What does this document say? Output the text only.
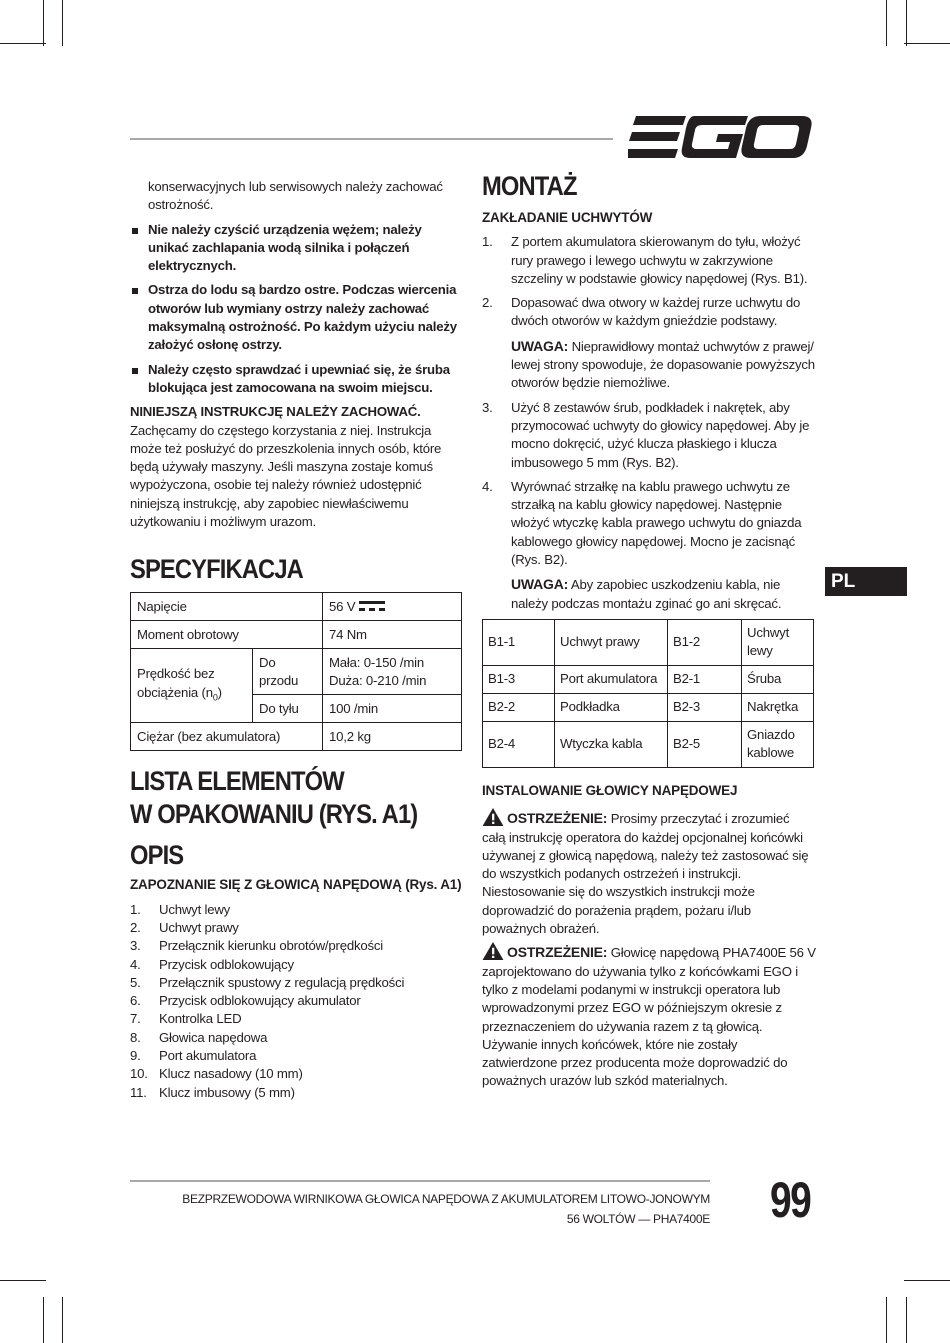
konserwacyjnych lub serwisowych należy zachować ostrożność.

Nie należy czyścić urządzenia wężem; należy unikać zachlapania wodą silnika i połączeń elektrycznych.
Ostrza do lodu są bardzo ostre. Podczas wiercenia otworów lub wymiany ostrzy należy zachować maksymalną ostrożność. Po każdym użyciu należy założyć osłonę ostrzy.
Należy często sprawdzać i upewniać się, że śruba blokująca jest zamocowana na swoim miejscu.

NINIEJSZĄ INSTRUKCJĘ NALEŻY ZACHOWAĆ.

Zachęcamy do częstego korzystania z niej. Instrukcja może też posłużyć do przeszkolenia innych osób, które będą używały maszyny. Jeśli maszyna zostaje komuś wypożyczona, osobie tej należy również udostępnić niniejszą instrukcję, aby zapobiec niewłaściwemu użytkowaniu i możliwym urazom.

SPECYFIKACJA
Napięcie		56 V
Moment obrotowy		74 Nm
Prędkość bez obciążenia $(n_0)$	Do przodu	Mała: 0-150 /min
Duża: 0-210 /min

	Do tyłu	100 /min
Ciężar (bez akumulatora)		10,2 kg
LISTA ELEMENTÓW
W OPAKOWANIU (RYS. A1)
OPIS
ZAPOZNANIE SIĘ Z GŁOWICĄ NAPĘDOWĄ (Rys. A1)
1. Uchwyt lewy
2. Uchwyt prawy
3. Przełącznik kierunku obrotów/prędkości
4. Przycisk odblokowujący
5. Przełącznik spustowy z regulacją prędkości
6. Przycisk odblokowujący akumulator
7. Kontrolka LED
8. Głowica napędowa
9. Port akumulatora
10. Klucz nasadowy (10 mm)
11. Klucz imbusowy (5 mm)
MONTAŻ
ZAKŁADANIE UCHWYTÓW
1. Z portem akumulatora skierowanym do tyłu, włożyć rury prawego i lewego uchwytu w zakrzywione szczeliny w podstawie głowicy napędowej (Rys. B1).
2. Dopasować dwa otwory w każdej rurze uchwytu do dwóch otworów w każdym gnieździe podstawy.

UWAGA: Nieprawidłowy montaż uchwytów z prawej/ lewej strony spowoduje, że dopasowanie powyższych otworów będzie niemożliwe.

3. Użyć 8 zestawów śrub, podkładek i nakrętek, aby przymocować uchwyty do głowicy napędowej. Aby je mocno dokręcić, użyć klucza płaskiego i klucza imbusowego 5 mm (Rys. B2).
4. Wyrównać strzałkę na kablu prawego uchwytu ze strzałką na kablu głowicy napędowej. Następnie włożyć wtyczkę kabla prawego uchwytu do gniazda kablowego głowicy napędowej. Mocno je zacisnąć (Rys. B2).

UWAGA: Aby zapobiec uszkodzeniu kabla, nie należy podczas montażu zginać go ani skręcać.

B1-1	Uchwyt prawy	B1-2	Uchwyt lewy
B1-3	Port akumulatora	B2-1	Śruba
B2-2	Podkładka	B2-3	Nakrętka
B2-4	Wtyczka kabla	B2-5	Gniazdo kablowe
INSTALOWANIE GŁOWICY NAPĘDOWEJ

OSTRZEŻENIE: Prosimy przeczytać i zrozumieć całą instrukcję operatora do każdej opcjonalnej końcówki używanej z głowicą napędową, należy też zastosować się do wszystkich podanych ostrzeżeń i instrukcji. Niestosowanie się do wszystkich instrukcji może doprowadzić do porażenia prądem, pożaru i/lub poważnych obrażeń.

OSTRZEŻENIE: Głowicę napędową PHA7400E 56 V zaprojektowano do używania tylko z końcówkami EGO i tylko z modelami podanymi w instrukcji operatora lub wprowadzonymi przez EGO w późniejszym okresie z przeznaczeniem do używania razem z tą głowicą. Używanie innych końcówek, które nie zostały zatwierdzone przez producenta może doprowadzić do poważnych urazów lub szkód materialnych.

PL
BEZPRZEWODOWA WIRNIKOWA GŁOWICA NAPĘDOWA Z AKUMULATOREM LITOWO-JONOWYM
56 WOLTÓW — PHA7400E 99
